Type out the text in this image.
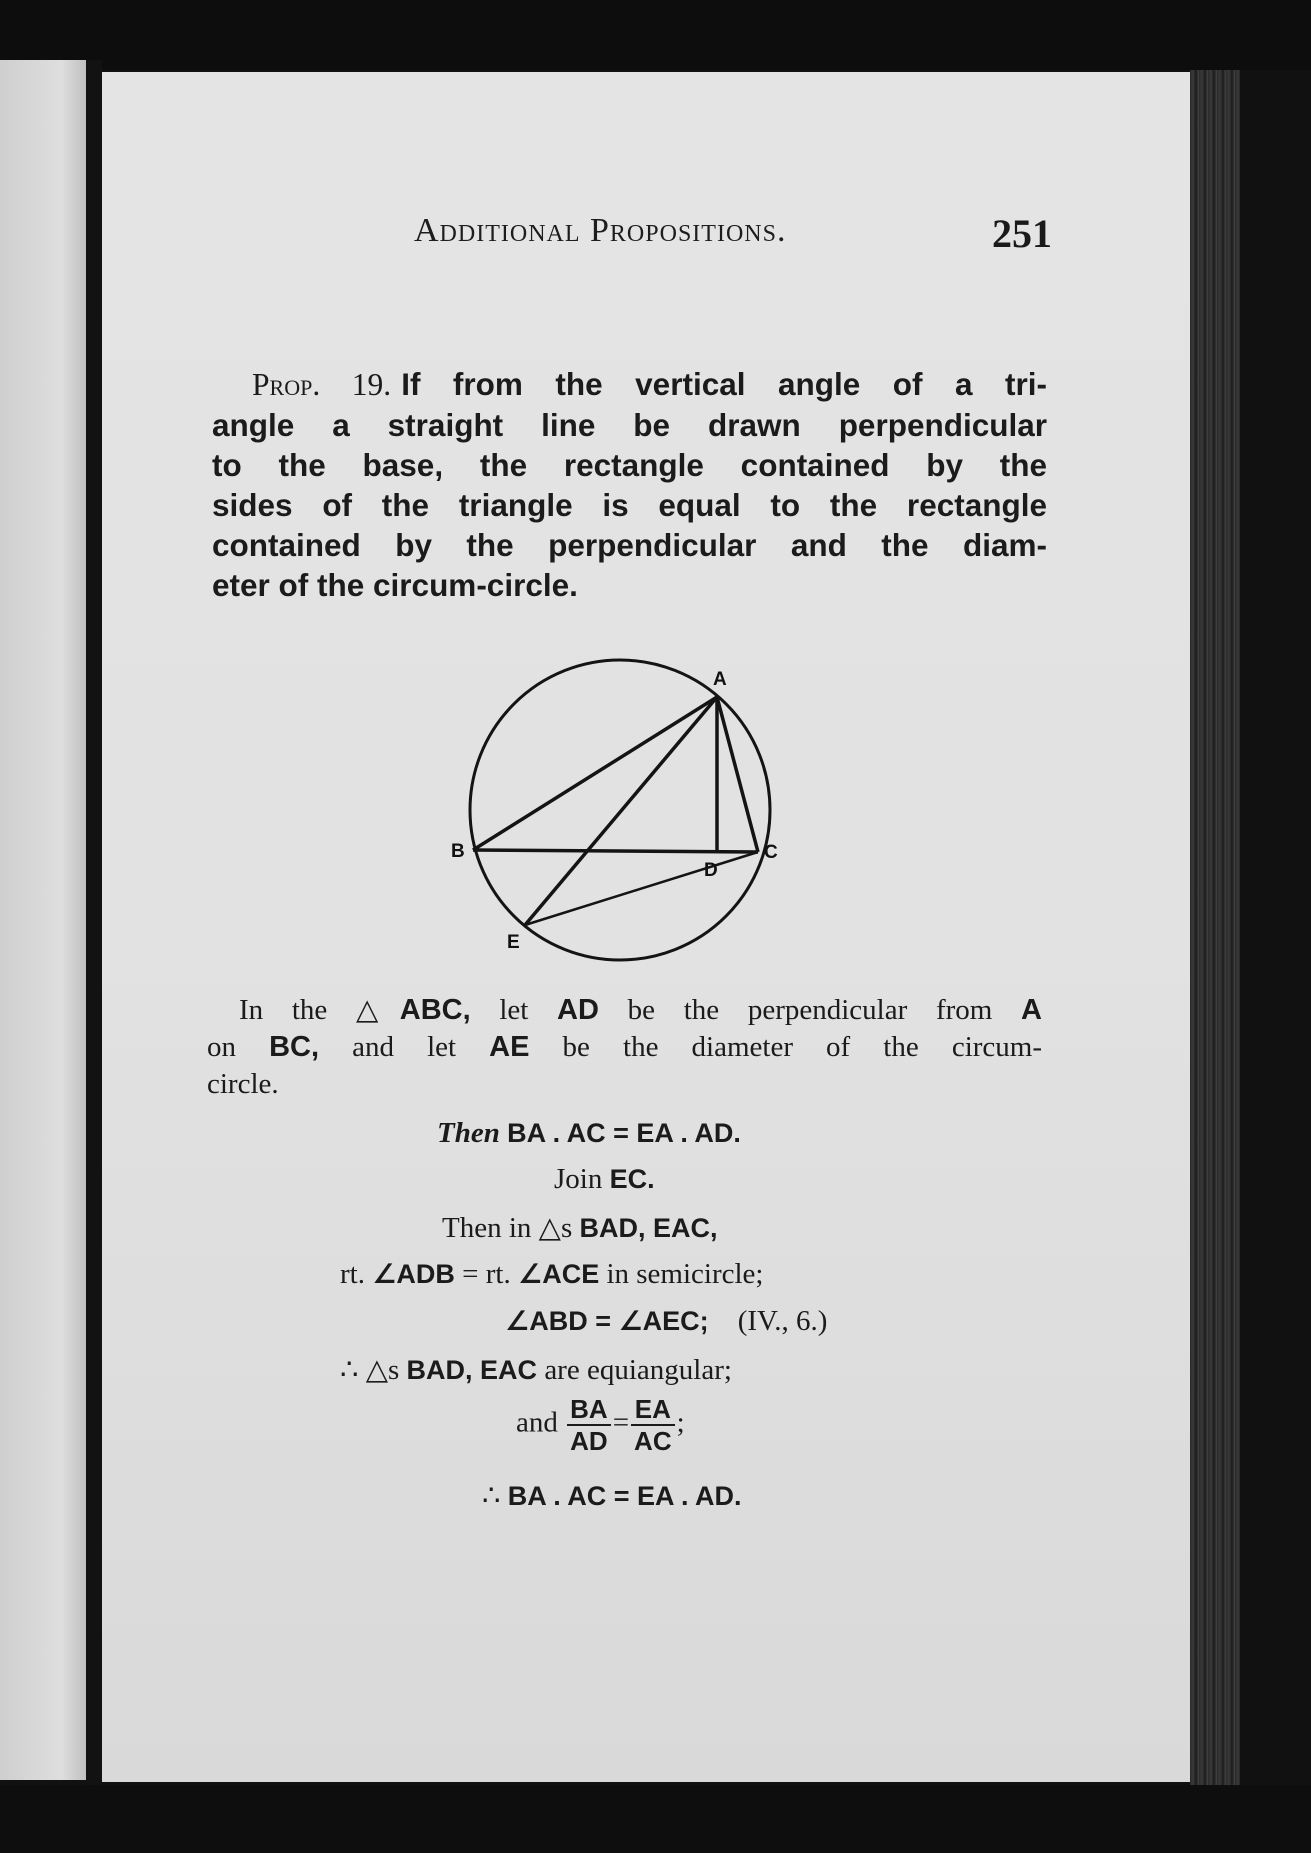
Additional Propositions.	251
Prop. 19. If from the vertical angle of a tri-
angle a straight line be drawn perpendicular
to the base, the rectangle contained by the
sides of the triangle is equal to the rectangle
contained by the perpendicular and the diam-
eter of the circum-circle.
A
B	C
D
E
In the △ABC, let AD be the perpendicular from A
on BC, and let AE be the diameter of the circum-
circle.
Then BA . AC = EA . AD.
Join EC.
Then in △s BAD, EAC,
rt. ∠ADB = rt. ∠ACE in semicircle;
∠ABD = ∠AEC; (IV., 6.)
∴ △s BAD, EAC are equiangular;
and $\frac{BA}{AD} = \frac{EA}{AC}$ ;
∴ BA . AC = EA . AD.
